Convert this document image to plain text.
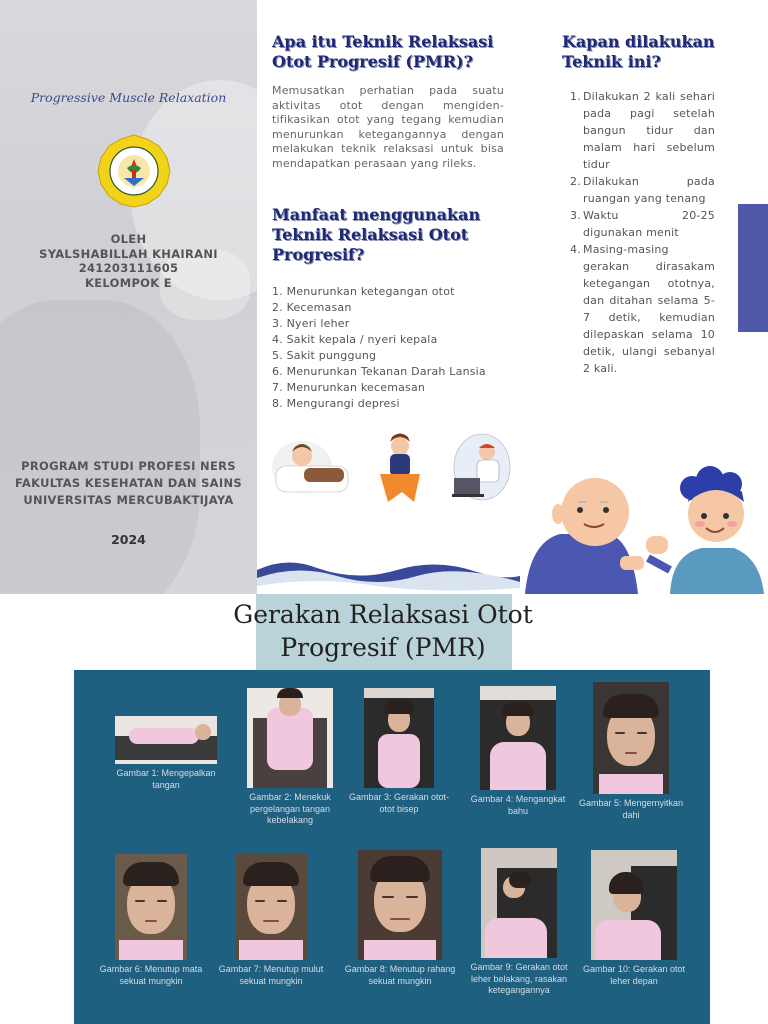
Progressive Muscle Relaxation
OLEH
SYALSHABILLAH KHAIRANI
241203111605
KELOMPOK E
PROGRAM STUDI PROFESI NERS
FAKULTAS KESEHATAN DAN SAINS
UNIVERSITAS MERCUBAKTIJAYA
2024
Apa itu Teknik Relaksasi Otot Progresif (PMR)?
Memusatkan perhatian pada suatu aktivitas otot dengan mengiden-tifikasikan otot yang tegang kemudian menurunkan ketegangannya dengan melakukan teknik relaksasi untuk bisa mendapatkan perasaan yang rileks.
Manfaat menggunakan Teknik Relaksasi Otot Progresif?
1. Menurunkan ketegangan otot
2. Kecemasan
3. Nyeri leher
4. Sakit kepala / nyeri kepala
5. Sakit punggung
6. Menurunkan Tekanan Darah Lansia
7. Menurunkan kecemasan
8. Mengurangi depresi
Kapan dilakukan Teknik ini?
1. Dilakukan 2 kali sehari pada pagi setelah bangun tidur dan malam hari sebelum tidur
2. Dilakukan pada ruangan yang tenang
3. Waktu 20-25 digunakan menit
4. Masing-masing gerakan dirasakam ketegangan ototnya, dan ditahan selama 5-7 detik, kemudian dilepaskan selama 10 detik, ulangi sebanyal 2 kali.
Gerakan Relaksasi Otot Progresif (PMR)
Gambar 1: Mengepalkan tangan
Gambar 2: Menekuk pergelangan tangan kebelakang
Gambar 3: Gerakan otot-otot bisep
Gambar 4: Mengangkat bahu
Gambar 5: Mengernyitkan dahi
Gambar 6: Menutup mata sekuat mungkin
Gambar 7: Menutup mulut sekuat mungkin
Gambar 8: Menutup rahang sekuat mungkin
Gambar 9: Gerakan otot leher belakang, rasakan ketegangannya
Gambar 10: Gerakan otot leher depan
